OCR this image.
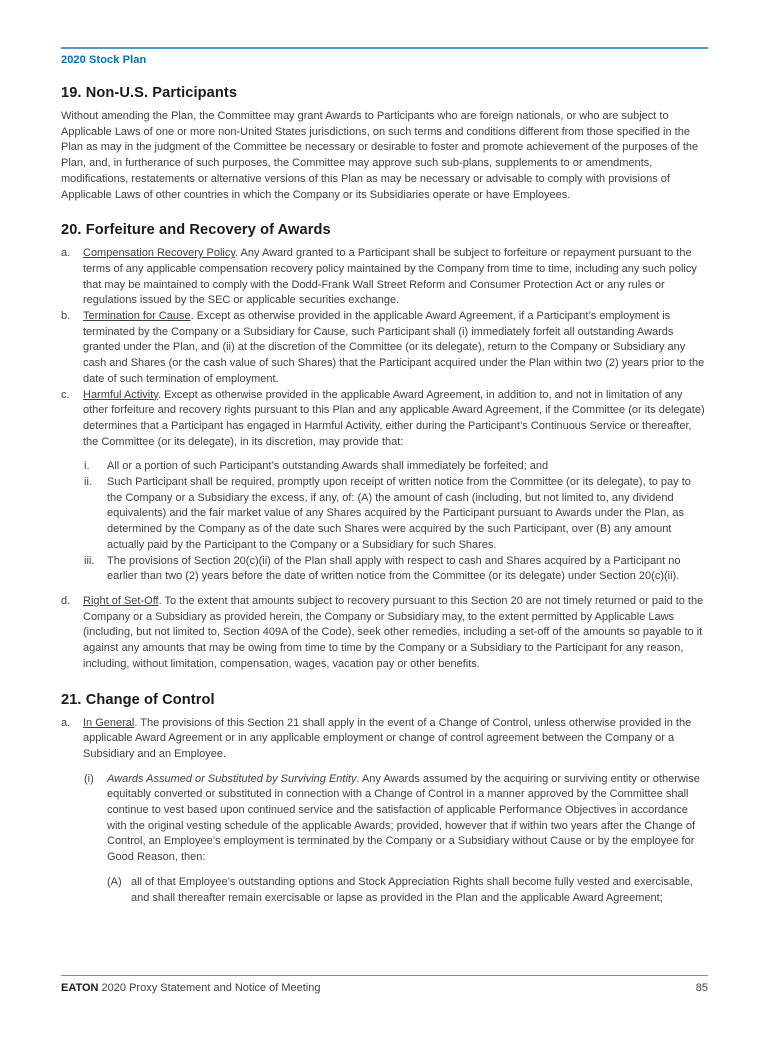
2020 Stock Plan
19. Non-U.S. Participants

Without amending the Plan, the Committee may grant Awards to Participants who are foreign nationals, or who are subject to Applicable Laws of one or more non-United States jurisdictions, on such terms and conditions different from those specified in the Plan as may in the judgment of the Committee be necessary or desirable to foster and promote achievement of the purposes of the Plan, and, in furtherance of such purposes, the Committee may approve such sub-plans, supplements to or amendments, modifications, restatements or alternative versions of this Plan as may be necessary or advisable to comply with provisions of Applicable Laws of other countries in which the Company or its Subsidiaries operate or have Employees.

20. Forfeiture and Recovery of Awards
a.	Compensation Recovery Policy. Any Award granted to a Participant shall be subject to forfeiture or repayment pursuant to the terms of any applicable compensation recovery policy maintained by the Company from time to time, including any such policy that may be maintained to comply with the Dodd-Frank Wall Street Reform and Consumer Protection Act or any rules or regulations issued by the SEC or applicable securities exchange.
b.	Termination for Cause. Except as otherwise provided in the applicable Award Agreement, if a Participant’s employment is terminated by the Company or a Subsidiary for Cause, such Participant shall (i) immediately forfeit all outstanding Awards granted under the Plan, and (ii) at the discretion of the Committee (or its delegate), return to the Company or Subsidiary any cash and Shares (or the cash value of such Shares) that the Participant acquired under the Plan within two (2) years prior to the date of such termination of employment.
c.	Harmful Activity. Except as otherwise provided in the applicable Award Agreement, in addition to, and not in limitation of any other forfeiture and recovery rights pursuant to this Plan and any applicable Award Agreement, if the Committee (or its delegate) determines that a Participant has engaged in Harmful Activity, either during the Participant’s Continuous Service or thereafter, the Committee (or its delegate), in its discretion, may provide that:
i.	All or a portion of such Participant’s outstanding Awards shall immediately be forfeited; and
ii.	Such Participant shall be required, promptly upon receipt of written notice from the Committee (or its delegate), to pay to the Company or a Subsidiary the excess, if any, of: (A) the amount of cash (including, but not limited to, any dividend equivalents) and the fair market value of any Shares acquired by the Participant pursuant to Awards under the Plan, as determined by the Company as of the date such Shares were acquired by the such Participant, over (B) any amount actually paid by the Participant to the Company or a Subsidiary for such Shares.
iii.	The provisions of Section 20(c)(ii) of the Plan shall apply with respect to cash and Shares acquired by a Participant no earlier than two (2) years before the date of written notice from the Committee (or its delegate) under Section 20(c)(ii).
d.	Right of Set-Off. To the extent that amounts subject to recovery pursuant to this Section 20 are not timely returned or paid to the Company or a Subsidiary as provided herein, the Company or Subsidiary may, to the extent permitted by Applicable Laws (including, but not limited to, Section 409A of the Code), seek other remedies, including a set-off of the amounts so payable to it against any amounts that may be owing from time to time by the Company or a Subsidiary to the Participant for any reason, including, without limitation, compensation, wages, vacation pay or other benefits.
21. Change of Control
a.	In General. The provisions of this Section 21 shall apply in the event of a Change of Control, unless otherwise provided in the applicable Award Agreement or in any applicable employment or change of control agreement between the Company or a Subsidiary and an Employee.
(i)	Awards Assumed or Substituted by Surviving Entity. Any Awards assumed by the acquiring or surviving entity or otherwise equitably converted or substituted in connection with a Change of Control in a manner approved by the Committee shall continue to vest based upon continued service and the satisfaction of applicable Performance Objectives in accordance with the original vesting schedule of the applicable Awards; provided, however that if within two years after the Change of Control, an Employee’s employment is terminated by the Company or a Subsidiary without Cause or by the employee for Good Reason, then:
(A) all of that Employee’s outstanding options and Stock Appreciation Rights shall become fully vested and exercisable, and shall thereafter remain exercisable or lapse as provided in the Plan and the applicable Award Agreement;
EATON 2020 Proxy Statement and Notice of Meeting	85
